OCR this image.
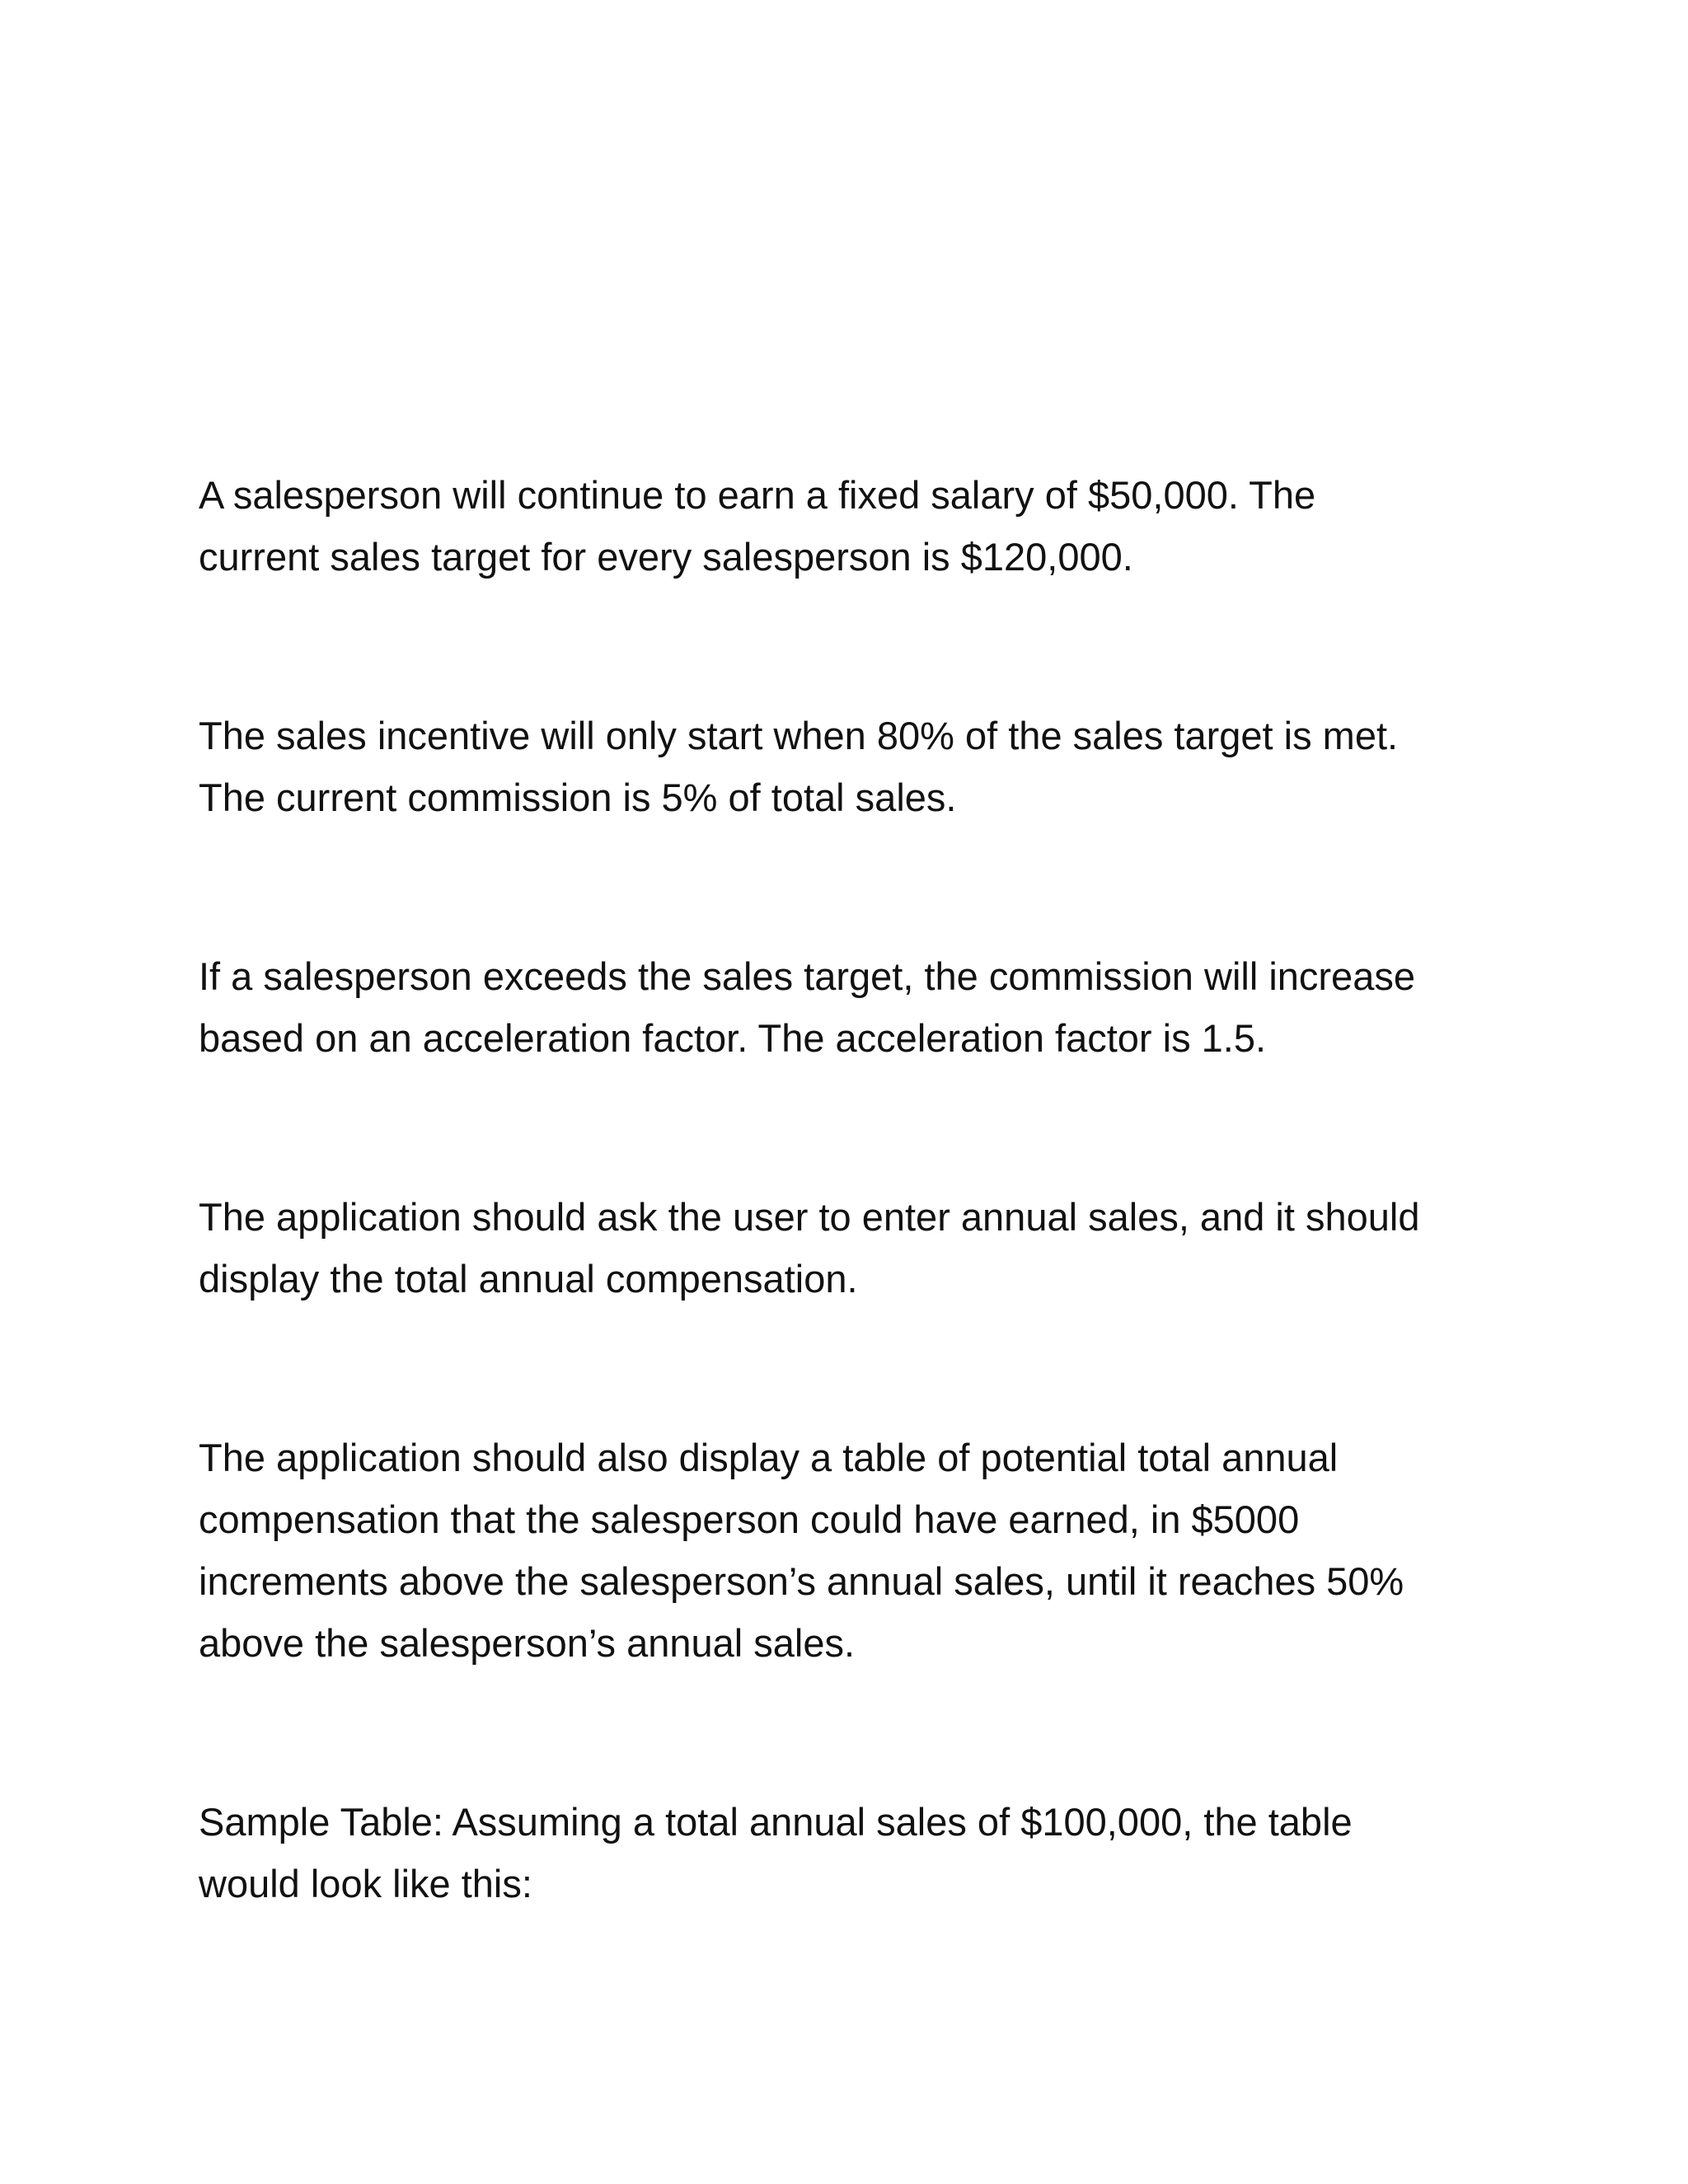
A salesperson will continue to earn a fixed salary of $50,000. The
current sales target for every salesperson is $120,000.

The sales incentive will only start when 80% of the sales target is met.
The current commission is 5% of total sales.

If a salesperson exceeds the sales target, the commission will increase
based on an acceleration factor. The acceleration factor is 1.5.

The application should ask the user to enter annual sales, and it should
display the total annual compensation.

The application should also display a table of potential total annual
compensation that the salesperson could have earned, in $5000
increments above the salesperson’s annual sales, until it reaches 50%
above the salesperson’s annual sales.

Sample Table: Assuming a total annual sales of $100,000, the table
would look like this:
